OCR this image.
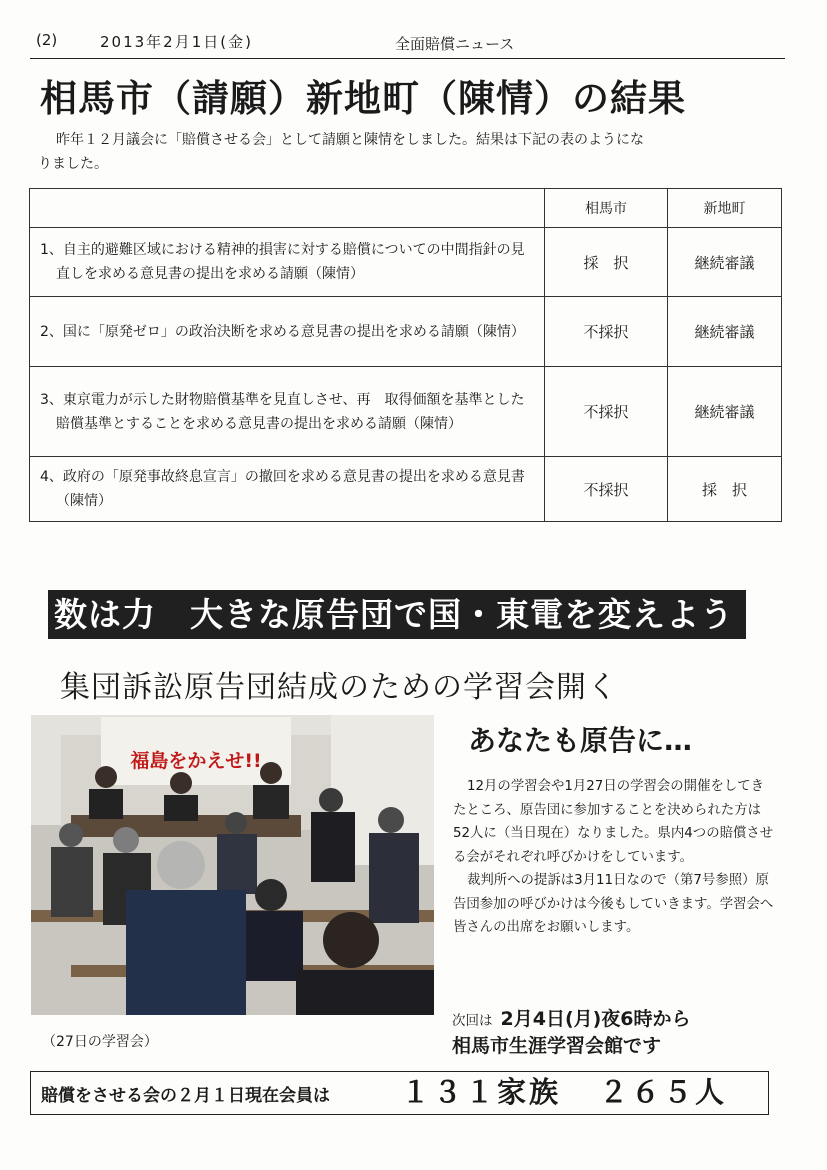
(2)	2013年2月1日(金)	全面賠償ニュース
相馬市（請願）新地町（陳情）の結果
昨年１２月議会に「賠償させる会」として請願と陳情をしました。結果は下記の表のようにな
りました。
	相馬市	新地町

1、自主的避難区域における精神的損害に対する賠償についての中間指針の見直しを求める意見書の提出を求める請願（陳情）	採　択	継続審議

2、国に「原発ゼロ」の政治決断を求める意見書の提出を求める請願（陳情）	不採択	継続審議

3、東京電力が示した財物賠償基準を見直しさせ、再　取得価額を基準とした賠償基準とすることを求める意見書の提出を求める請願（陳情）	不採択	継続審議

4、政府の「原発事故終息宣言」の撤回を求める意見書の提出を求める意見書（陳情）	不採択	採　択
数は力　大きな原告団で国・東電を変えよう
集団訴訟原告団結成のための学習会開く
福島をかえせ!!
（27日の学習会）
あなたも原告に…

12月の学習会や1月27日の学習会の開催をしてきたところ、原告団に参加することを決められた方は52人に（当日現在）なりました。県内4つの賠償させる会がそれぞれ呼びかけをしています。

裁判所への提訴は3月11日なので（第7号参照）原告団参加の呼びかけは今後もしていきます。学習会へ皆さんの出席をお願いします。

次回は 2月4日(月)夜6時から
相馬市生涯学習会館です
賠償をさせる会の２月１日現在会員は １３１家族 ２６５人
